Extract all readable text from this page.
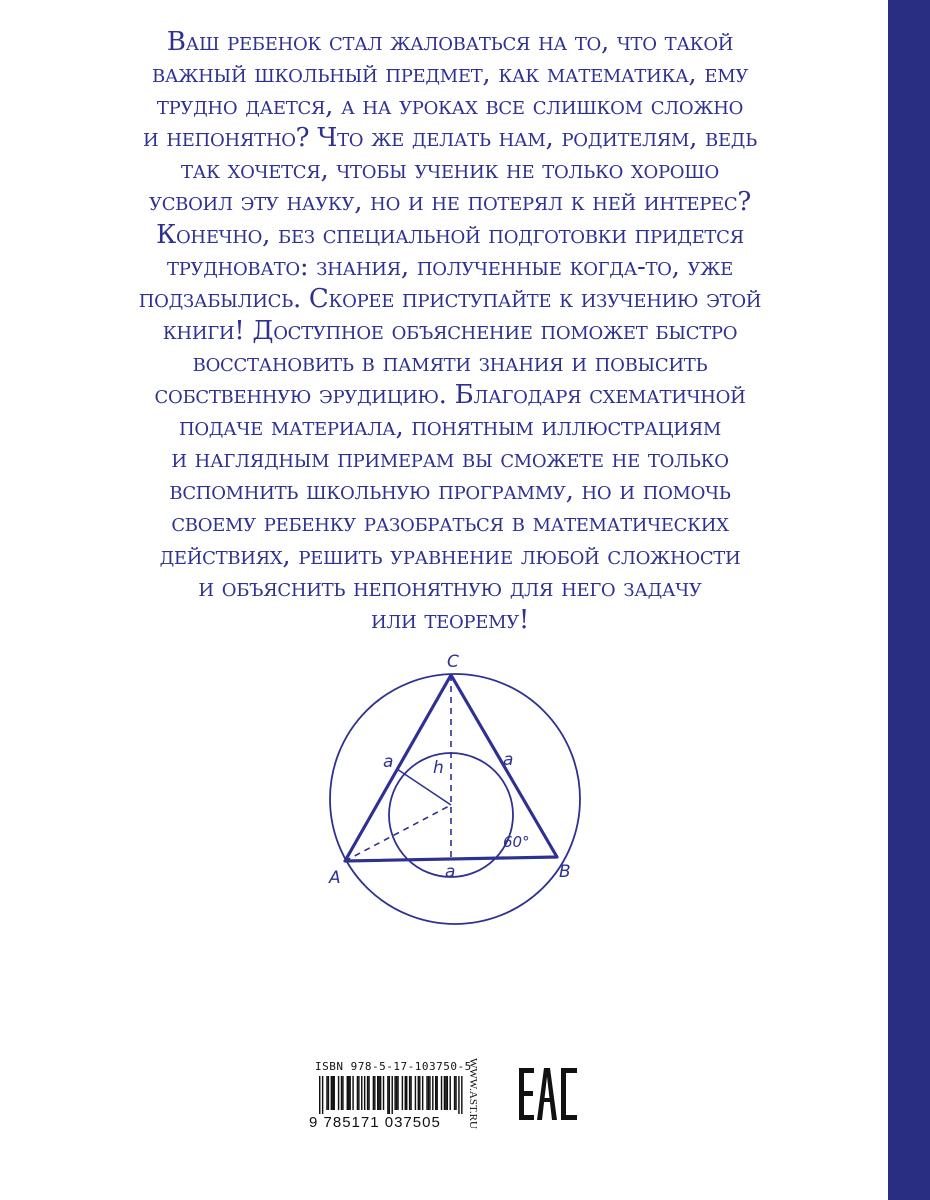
Ваш ребенок стал жаловаться на то, что такой
важный школьный предмет, как математика, ему
трудно дается, а на уроках все слишком сложно
и непонятно? Что же делать нам, родителям, ведь
так хочется, чтобы ученик не только хорошо
усвоил эту науку, но и не потерял к ней интерес?
Конечно, без специальной подготовки придется
трудновато: знания, полученные когда-то, уже
подзабылись. Скорее приступайте к изучению этой
книги! Доступное объяснение поможет быстро
восстановить в памяти знания и повысить
собственную эрудицию. Благодаря схематичной
подаче материала, понятным иллюстрациям
и наглядным примерам вы сможете не только
вспомнить школьную программу, но и помочь
своему ребенку разобраться в математических
действиях, решить уравнение любой сложности
и объяснить непонятную для него задачу
или теорему!

C
A	B
a	a
a
h
60°
ISBN 978-5-17-103750-5
9 785171 037505	WWW.AST.RU
